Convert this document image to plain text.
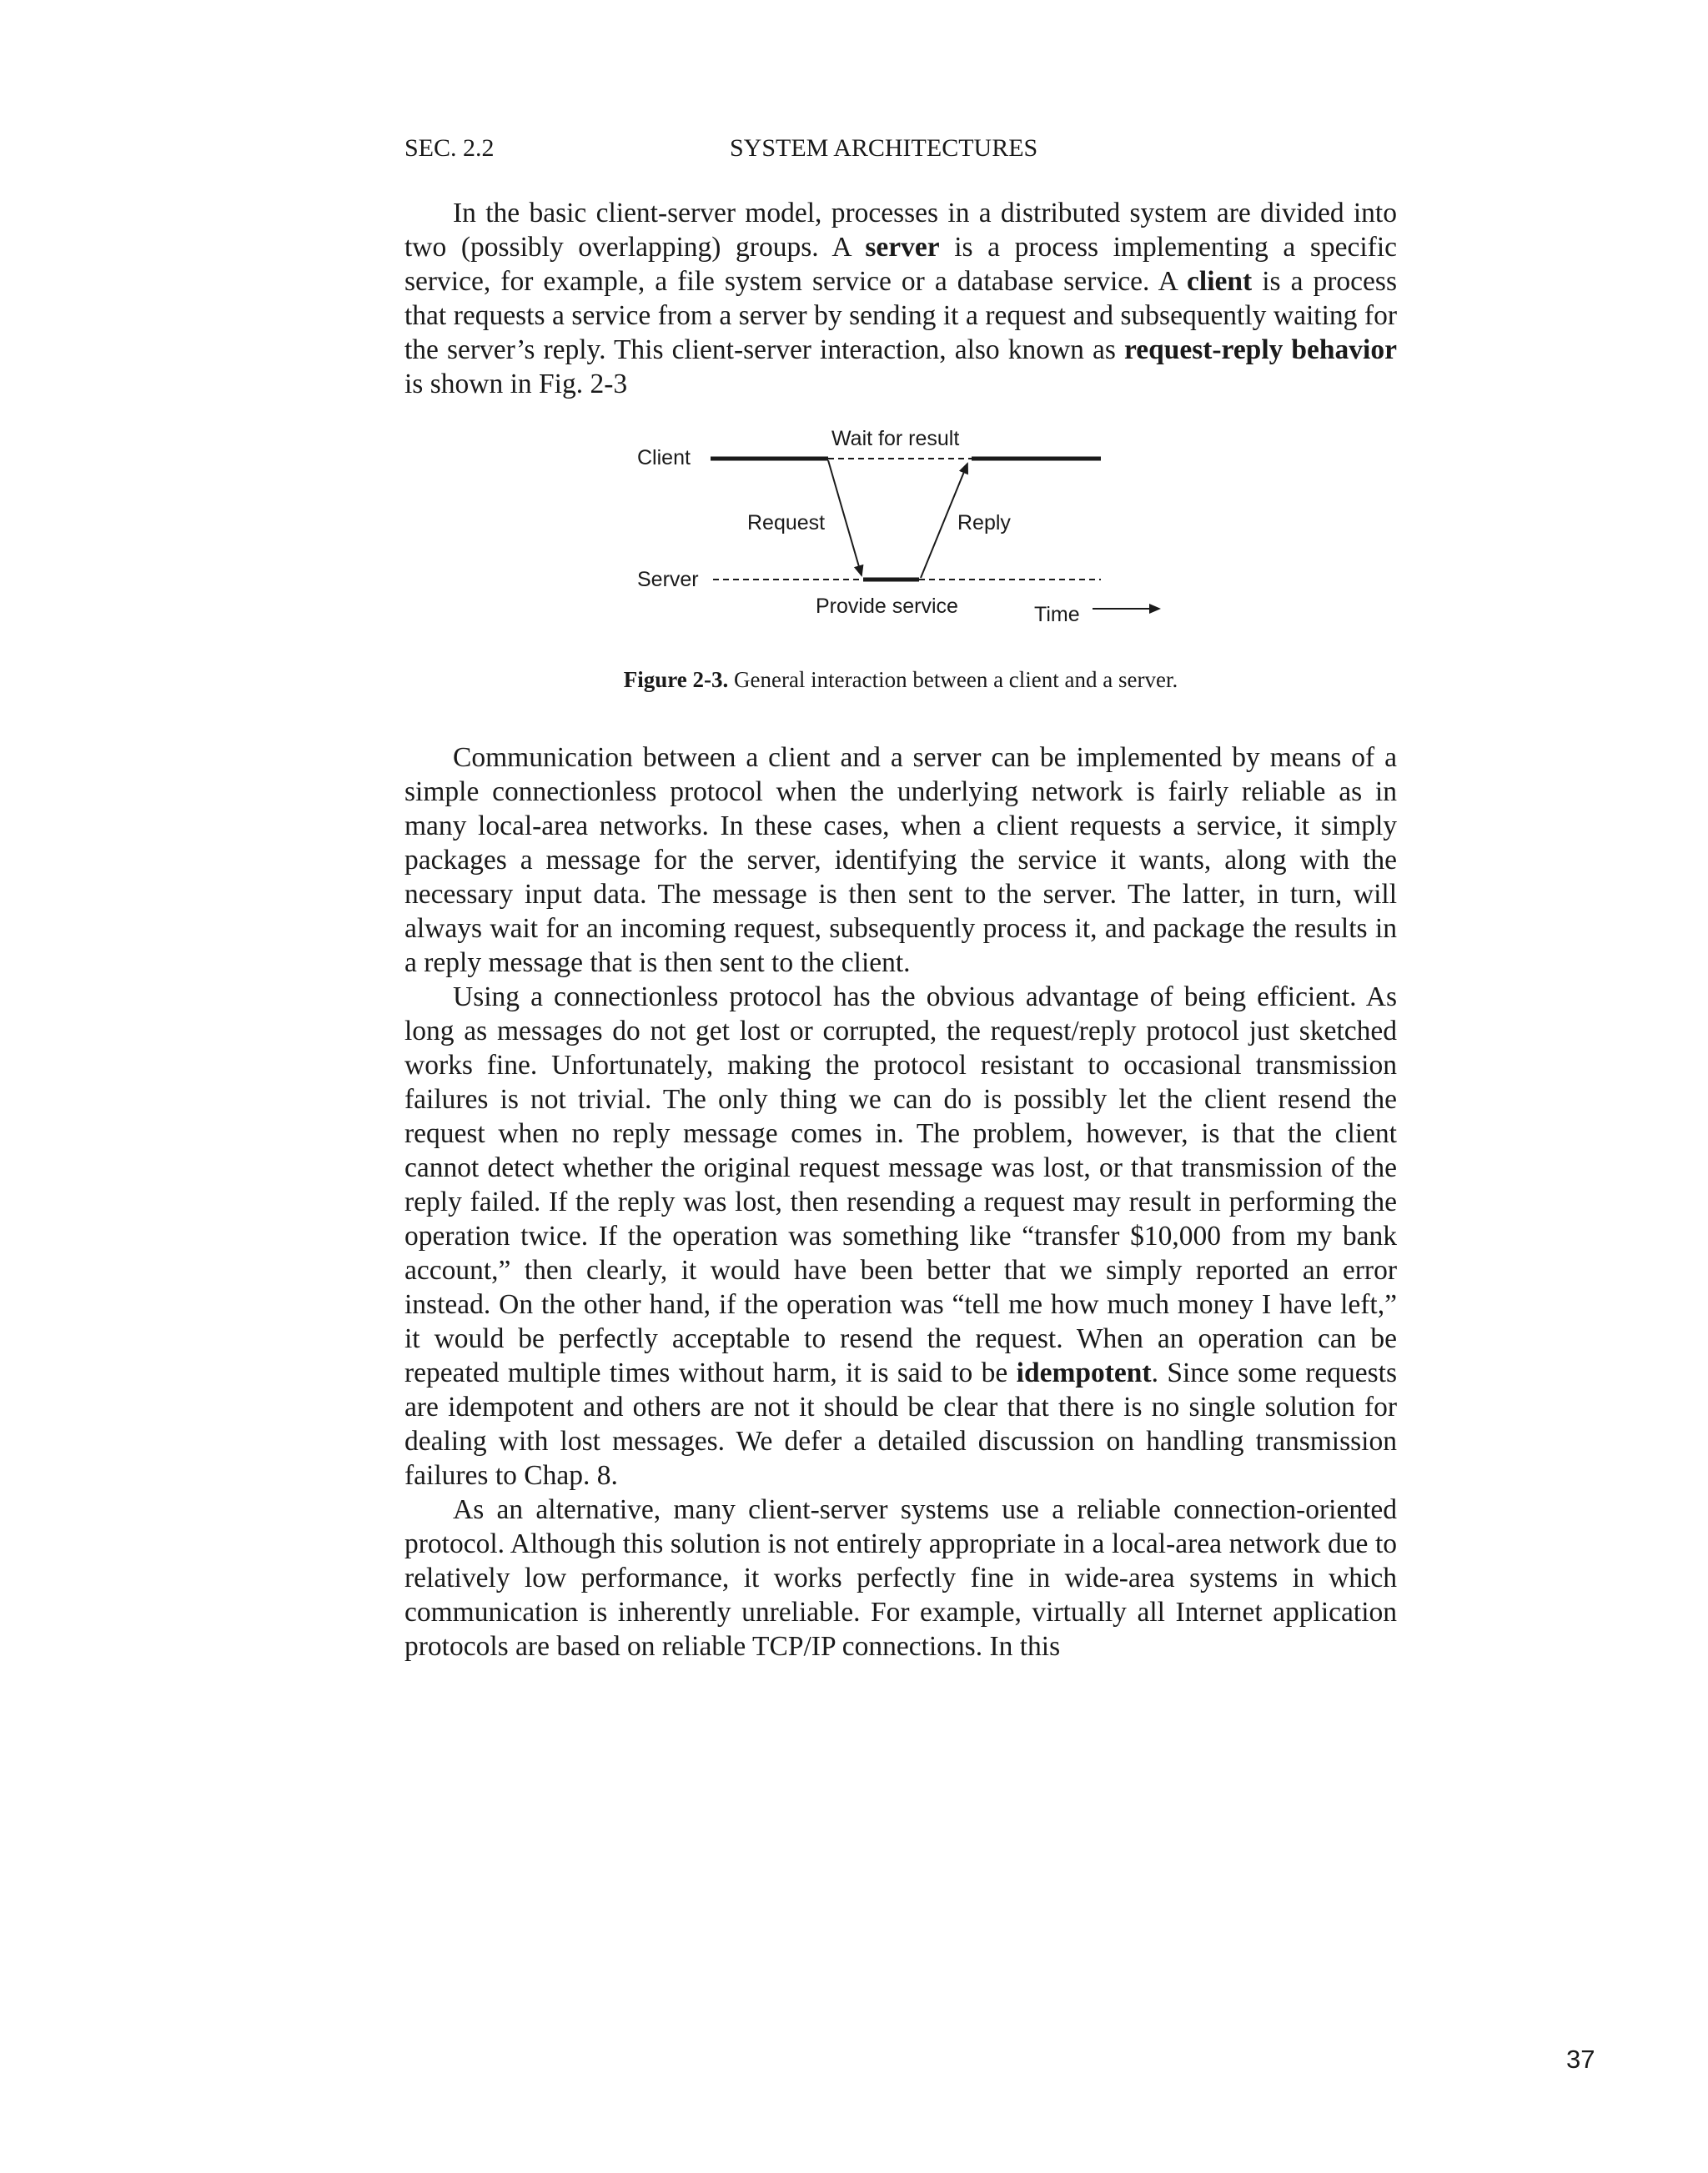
SEC. 2.2	SYSTEM ARCHITECTURES

In the basic client-server model, processes in a distributed system are divided into two (possibly overlapping) groups. A server is a process implementing a specific service, for example, a file system service or a database service. A client is a process that requests a service from a server by sending it a request and subsequently waiting for the server’s reply. This client-server interaction, also known as request-reply behavior is shown in Fig. 2-3

Client
Server
Wait for result
Request	Reply
Provide service	Time
Figure 2-3. General interaction between a client and a server.

Communication between a client and a server can be implemented by means of a simple connectionless protocol when the underlying network is fairly reliable as in many local-area networks. In these cases, when a client requests a service, it simply packages a message for the server, identifying the service it wants, along with the necessary input data. The message is then sent to the server. The latter, in turn, will always wait for an incoming request, subsequently process it, and package the results in a reply message that is then sent to the client.

Using a connectionless protocol has the obvious advantage of being efficient. As long as messages do not get lost or corrupted, the request/reply protocol just sketched works fine. Unfortunately, making the protocol resistant to occasional transmission failures is not trivial. The only thing we can do is possibly let the client resend the request when no reply message comes in. The problem, however, is that the client cannot detect whether the original request message was lost, or that transmission of the reply failed. If the reply was lost, then resending a request may result in performing the operation twice. If the operation was something like “transfer $10,000 from my bank account,” then clearly, it would have been better that we simply reported an error instead. On the other hand, if the operation was “tell me how much money I have left,” it would be perfectly acceptable to resend the request. When an operation can be repeated multiple times without harm, it is said to be idempotent. Since some requests are idempotent and others are not it should be clear that there is no single solution for dealing with lost messages. We defer a detailed discussion on handling transmission failures to Chap. 8.

As an alternative, many client-server systems use a reliable connection-oriented protocol. Although this solution is not entirely appropriate in a local-area network due to relatively low performance, it works perfectly fine in wide-area systems in which communication is inherently unreliable. For example, virtually all Internet application protocols are based on reliable TCP/IP connections. In this

37
